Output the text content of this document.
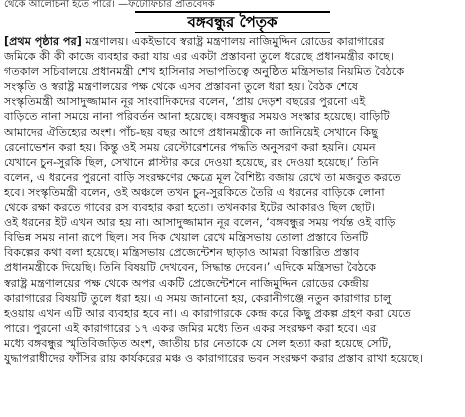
থেকে আলোচনা হতে পারে। —ফটোফিচার প্রতিবেদক
বঙ্গবন্ধুর পৈতৃক
[প্রথম পৃষ্ঠার পর] মন্ত্রণালয়। একইভাবে স্বরাষ্ট্র মন্ত্রণালয় নাজিমুদ্দিন রোডের কারাগারের
জমিকে কী কী কাজে ব্যবহার করা যায় এর একটা প্রস্তাবনা তুলে ধরেছে প্রধানমন্ত্রীর কাছে।
গতকাল সচিবালয়ে প্রধানমন্ত্রী শেখ হাসিনার সভাপতিত্বে অনুষ্ঠিত মন্ত্রিসভার নিয়মিত বৈঠকে
সংস্কৃতি ও স্বরাষ্ট্র মন্ত্রণালয়ের পক্ষ থেকে এসব প্রস্তাবনা তুলে ধরা হয়। বৈঠক শেষে
সংস্কৃতিমন্ত্রী আসাদুজ্জামান নূর সাংবাদিকদের বলেন, ‘প্রায় দেড়শ বছরের পুরনো এই
বাড়িতে নানা সময়ে নানা পরিবর্তন আনা হয়েছে। বঙ্গবন্ধুর সময়ও সংস্কার হয়েছে। বাড়িটি
আমাদের ঐতিহ্যের অংশ। পাঁচ-ছয় বছর আগে প্রধানমন্ত্রীকে না জানিয়েই সেখানে কিছু
রেনোভেশন করা হয়। কিন্তু ওই সময় রেস্টোরেশনের পদ্ধতি অনুসরণ করা হয়নি। যেমন
যেখানে চুন-সুরকি ছিল, সেখানে প্লাস্টার করে দেওয়া হয়েছে, রং দেওয়া হয়েছে।’ তিনি
বলেন, এ ধরনের পুরনো বাড়ি সংরক্ষণের ক্ষেত্রে মূল বৈশিষ্ট্য বজায় রেখে তা মজবুত করতে
হবে। সংস্কৃতিমন্ত্রী বলেন, ওই অঞ্চলে তখন চুন-সুরকিতে তৈরি এ ধরনের বাড়িকে লোনা
থেকে রক্ষা করতে গাবের রস ব্যবহার করা হতো। তখনকার ইটের আকারও ছিল ছোট।
ওই ধরনের ইট এখন আর হয় না। আসাদুজ্জামান নূর বলেন, ‘বঙ্গবন্ধুর সময় পর্যন্ত ওই বাড়ি
বিভিন্ন সময় নানা রূপে ছিল। সব দিক খেয়াল রেখে মন্ত্রিসভায় তোলা প্রস্তাবে তিনটি
বিকল্পের কথা বলা হয়েছে। মন্ত্রিসভায় প্রেজেন্টেশন ছাড়াও আমরা বিস্তারিত প্রস্তাব
প্রধানমন্ত্রীকে দিয়েছি। তিনি বিষয়টি দেখবেন, সিদ্ধান্ত দেবেন।’ এদিকে মন্ত্রিসভা বৈঠকে
স্বরাষ্ট্র মন্ত্রণালয়ের পক্ষ থেকে অপর একটি প্রেজেন্টেশনে নাজিমুদ্দিন রোডের কেন্দ্রীয়
কারাগারের বিষয়টি তুলে ধরা হয়। এ সময় জানানো হয়, কেরানীগঞ্জে নতুন কারাগার চালু
হওয়ায় এখন এটি আর ব্যবহার হবে না। এ কারাগারকে কেন্দ্র করে কিছু প্রকল্প গ্রহণ করা যেতে
পারে। পুরনো এই কারাগারের ১৭ একর জমির মধ্যে তিন একর সংরক্ষণ করা হবে। এর
মধ্যে বঙ্গবন্ধুর স্মৃতিবিজড়িত অংশ, জাতীয় চার নেতাকে যে সেল হত্যা করা হয়েছে সেটি,
যুদ্ধাপরাধীদের ফাঁসির রায় কার্যকরের মঞ্চ ও কারাগারের ভবন সংরক্ষণ করার প্রস্তাব রাখা হয়েছে।
